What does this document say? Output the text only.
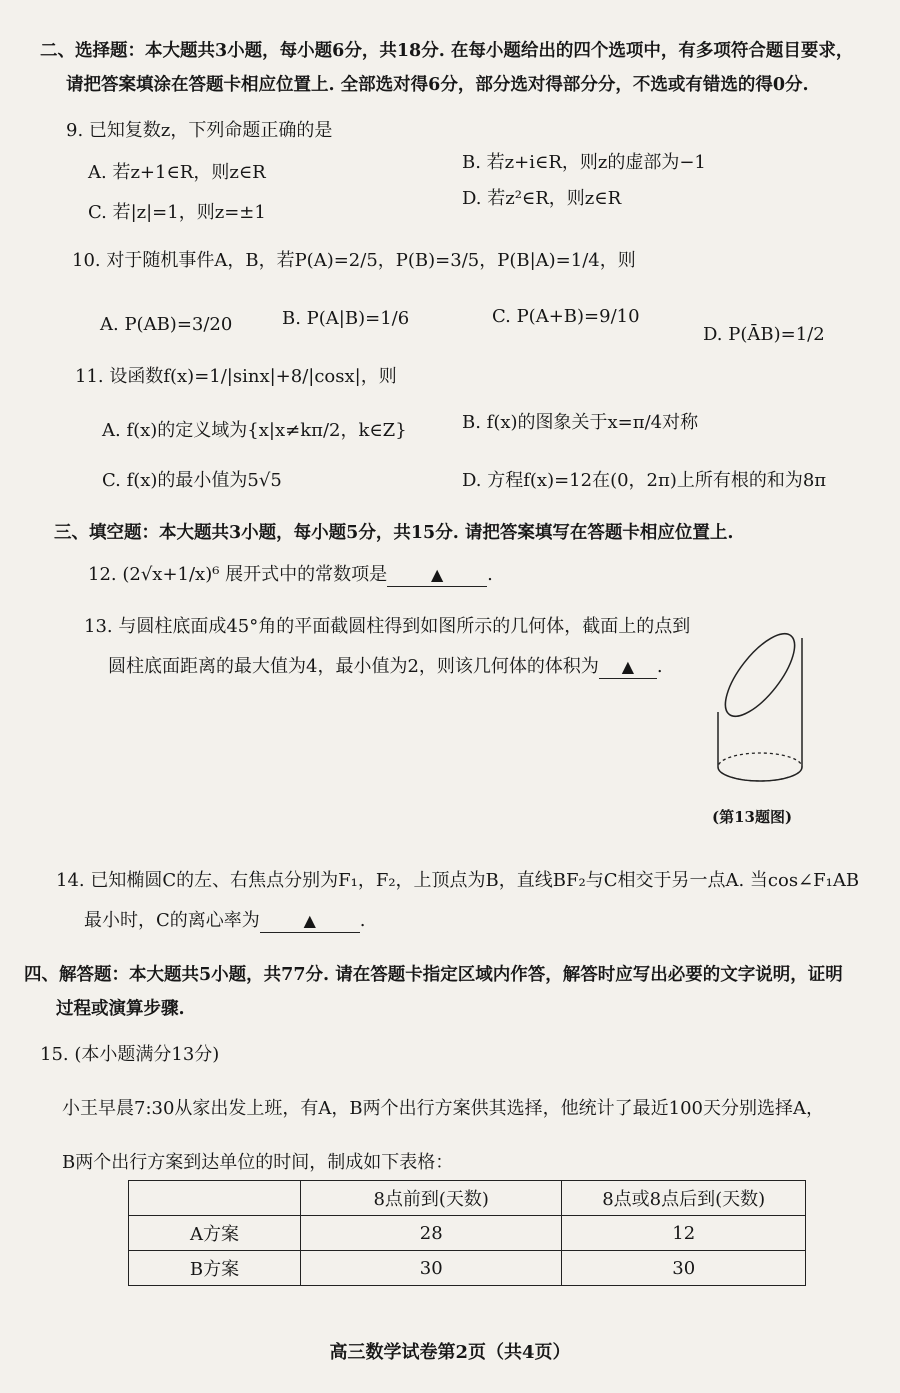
二、选择题：本大题共3小题，每小题6分，共18分. 在每小题给出的四个选项中，有多项符合题目要求，
请把答案填涂在答题卡相应位置上. 全部选对得6分，部分选对得部分分，不选或有错选的得0分.
9. 已知复数z，下列命题正确的是
A. 若z+1∈R，则z∈R	B. 若z+i∈R，则z的虚部为−1
C. 若|z|=1，则z=±1
D. 若z²∈R，则z∈R
10. 对于随机事件A，B，若P(A)=2/5，P(B)=3/5，P(B|A)=1/4，则
A. P(AB)=3/20	B. P(A|B)=1/6	C. P(A+B)=9/10
D. P(ĀB)=1/2
11. 设函数f(x)=1/|sinx|+8/|cosx|，则
A. f(x)的定义域为{x|x≠kπ/2，k∈Z}	B. f(x)的图象关于x=π/4对称
C. f(x)的最小值为5√5	D. 方程f(x)=12在(0，2π)上所有根的和为8π
三、填空题：本大题共3小题，每小题5分，共15分. 请把答案填写在答题卡相应位置上.
12. (2√x+1/x)⁶ 展开式中的常数项是	▲ .
13. 与圆柱底面成45°角的平面截圆柱得到如图所示的几何体，截面上的点到
圆柱底面距离的最大值为4，最小值为2，则该几何体的体积为 ▲ .
(第13题图)
14. 已知椭圆C的左、右焦点分别为F₁，F₂，上顶点为B，直线BF₂与C相交于另一点A. 当cos∠F₁AB
最小时，C的离心率为	▲ .
四、解答题：本大题共5小题，共77分. 请在答题卡指定区域内作答，解答时应写出必要的文字说明，证明
过程或演算步骤.
15. (本小题满分13分)
小王早晨7:30从家出发上班，有A，B两个出行方案供其选择，他统计了最近100天分别选择A，
B两个出行方案到达单位的时间，制成如下表格：
	8点前到(天数)	8点或8点后到(天数)
A方案	28	12
B方案	30	30
高三数学试卷第2页（共4页）
